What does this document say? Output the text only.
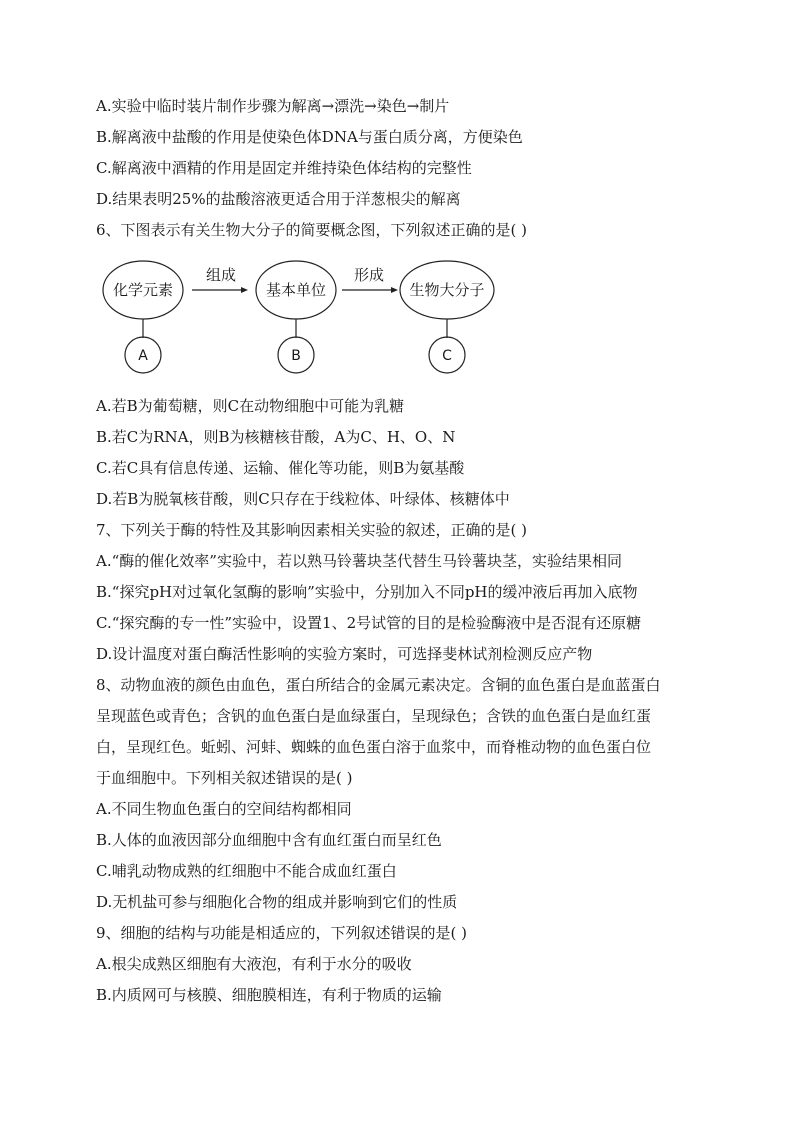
A.实验中临时装片制作步骤为解离→漂洗→染色→制片
B.解离液中盐酸的作用是使染色体DNA与蛋白质分离，方便染色
C.解离液中酒精的作用是固定并维持染色体结构的完整性
D.结果表明25%的盐酸溶液更适合用于洋葱根尖的解离
6、下图表示有关生物大分子的简要概念图，下列叙述正确的是( )
化学元素
组成
基本单位
形成
生物大分子
A	B	C
A.若B为葡萄糖，则C在动物细胞中可能为乳糖
B.若C为RNA，则B为核糖核苷酸，A为C、H、O、N
C.若C具有信息传递、运输、催化等功能，则B为氨基酸
D.若B为脱氧核苷酸，则C只存在于线粒体、叶绿体、核糖体中
7、下列关于酶的特性及其影响因素相关实验的叙述，正确的是( )
A.“酶的催化效率”实验中，若以熟马铃薯块茎代替生马铃薯块茎，实验结果相同
B.“探究pH对过氧化氢酶的影响”实验中，分别加入不同pH的缓冲液后再加入底物
C.“探究酶的专一性”实验中，设置1、2号试管的目的是检验酶液中是否混有还原糖
D.设计温度对蛋白酶活性影响的实验方案时，可选择斐林试剂检测反应产物
8、动物血液的颜色由血色，蛋白所结合的金属元素决定。含铜的血色蛋白是血蓝蛋白
呈现蓝色或青色；含钒的血色蛋白是血绿蛋白，呈现绿色；含铁的血色蛋白是血红蛋
白，呈现红色。蚯蚓、河蚌、蜘蛛的血色蛋白溶于血浆中，而脊椎动物的血色蛋白位
于血细胞中。下列相关叙述错误的是( )
A.不同生物血色蛋白的空间结构都相同
B.人体的血液因部分血细胞中含有血红蛋白而呈红色
C.哺乳动物成熟的红细胞中不能合成血红蛋白
D.无机盐可参与细胞化合物的组成并影响到它们的性质
9、细胞的结构与功能是相适应的，下列叙述错误的是( )
A.根尖成熟区细胞有大液泡，有利于水分的吸收
B.内质网可与核膜、细胞膜相连，有利于物质的运输
